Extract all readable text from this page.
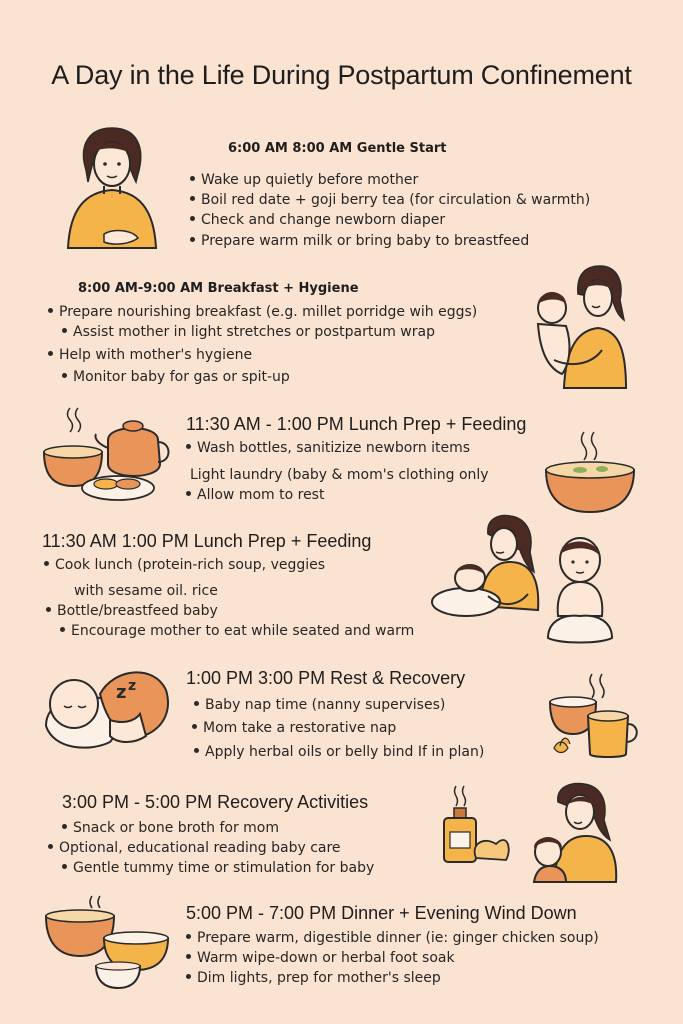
A Day in the Life During Postpartum Confinement
6:00 AM 8:00 AM Gentle Start
Wake up quietly before mother
Boil red date + goji berry tea (for circulation & warmth)
Check and change newborn diaper
Prepare warm milk or bring baby to breastfeed
8:00 AM-9:00 AM Breakfast + Hygiene
Prepare nourishing breakfast (e.g. millet porridge wih eggs)
Assist mother in light stretches or postpartum wrap
Help with mother's hygiene
Monitor baby for gas or spit-up
11:30 AM - 1:00 PM Lunch Prep + Feeding
Wash bottles, sanitizize newborn items
Light laundry (baby & mom's clothing only
Allow mom to rest
11:30 AM 1:00 PM Lunch Prep + Feeding
Cook lunch (protein-rich soup, veggies
with sesame oil. rice
Bottle/breastfeed baby
Encourage mother to eat while seated and warm
z z	1:00 PM 3:00 PM Rest & Recovery
Baby nap time (nanny supervises)
Mom take a restorative nap
Apply herbal oils or belly bind If in plan)
3:00 PM - 5:00 PM Recovery Activities
Snack or bone broth for mom
Optional, educational reading baby care
Gentle tummy time or stimulation for baby
5:00 PM - 7:00 PM Dinner + Evening Wind Down
Prepare warm, digestible dinner (ie: ginger chicken soup)
Warm wipe-down or herbal foot soak
Dim lights, prep for mother's sleep
